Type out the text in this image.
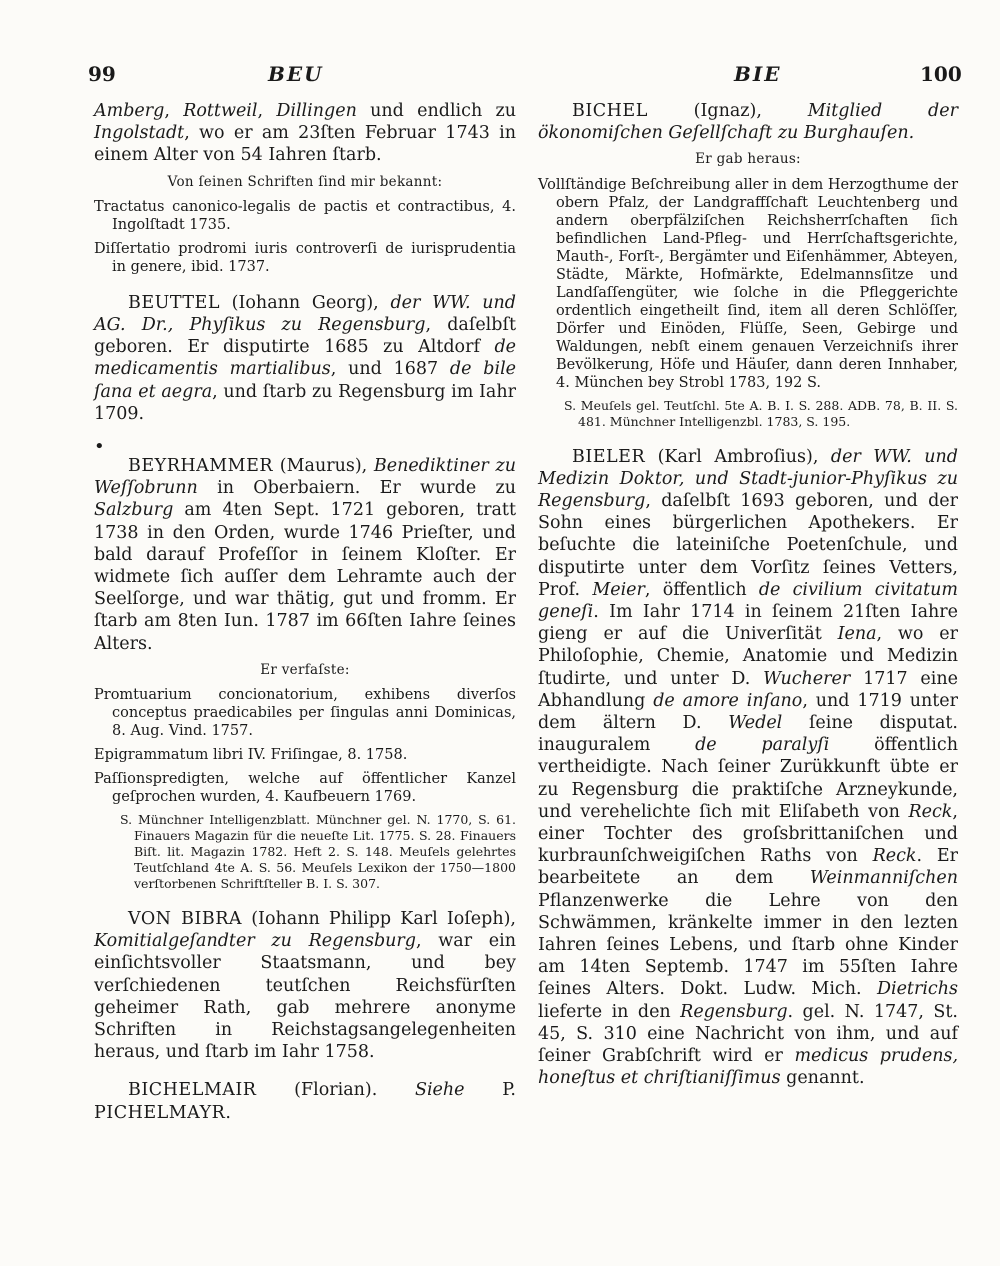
99	BEU	BIE	100

Amberg, Rottweil, Dillingen und endlich zu Ingolstadt, wo er am 23ſten Februar 1743 in einem Alter von 54 Iahren ſtarb.

Von ſeinen Schriften ſind mir bekannt:
Tractatus canonico-legalis de pactis et contractibus, 4. Ingolſtadt 1735.
Diſſertatio prodromi iuris controverſi de iurisprudentia in genere, ibid. 1737.

BEUTTEL (Iohann Georg), der WW. und AG. Dr., Phyſikus zu Regensburg, daſelbſt geboren. Er disputirte 1685 zu Altdorf de medicamentis martialibus, und 1687 de bile ſana et aegra, und ſtarb zu Regensburg im Iahr 1709.

•

BEYRHAMMER (Maurus), Benediktiner zu Weſſobrunn in Oberbaiern. Er wurde zu Salzburg am 4ten Sept. 1721 geboren, tratt 1738 in den Orden, wurde 1746 Prieſter, und bald darauf Profeſſor in ſeinem Kloſter. Er widmete ſich auſſer dem Lehramte auch der Seelſorge, und war thätig, gut und fromm. Er ſtarb am 8ten Iun. 1787 im 66ſten Iahre ſeines Alters.

Er verfaſste:
Promtuarium concionatorium, exhibens diverſos conceptus praedicabiles per ſingulas anni Dominicas, 8. Aug. Vind. 1757.
Epigrammatum libri IV. Friſingae, 8. 1758.
Paſſionspredigten, welche auf öffentlicher Kanzel geſprochen wurden, 4. Kaufbeuern 1769.
S. Münchner Intelligenzblatt. Münchner gel. N. 1770, S. 61. Finauers Magazin für die neueſte Lit. 1775. S. 28. Finauers Biſt. lit. Magazin 1782. Heft 2. S. 148. Meuſels gelehrtes Teutſchland 4te A. S. 56. Meuſels Lexikon der 1750—1800 verſtorbenen Schriftſteller B. I. S. 307.

VON BIBRA (Iohann Philipp Karl Ioſeph), Komitialgeſandter zu Regensburg, war ein einſichtsvoller Staatsmann, und bey verſchiedenen teutſchen Reichsfürſten geheimer Rath, gab mehrere anonyme Schriften in Reichstagsangelegenheiten heraus, und ſtarb im Iahr 1758.

BICHELMAIR (Florian). Siehe P. PICHELMAYR.

BICHEL (Ignaz), Mitglied der ökonomiſchen Geſellſchaft zu Burghauſen.

Er gab heraus:
Vollſtändige Beſchreibung aller in dem Herzogthume der obern Pfalz, der Landgraffſchaft Leuchtenberg und andern oberpfälziſchen Reichsherrſchaften ſich befindlichen Land-Pfleg- und Herrſchaftsgerichte, Mauth-, Forſt-, Bergämter und Eiſenhämmer, Abteyen, Städte, Märkte, Hofmärkte, Edelmannsſitze und Landſaſſengüter, wie ſolche in die Pfleggerichte ordentlich eingetheilt ſind, item all deren Schlöſſer, Dörfer und Einöden, Flüſſe, Seen, Gebirge und Waldungen, nebſt einem genauen Verzeichniſs ihrer Bevölkerung, Höfe und Häuſer, dann deren Innhaber, 4. München bey Strobl 1783, 192 S.
S. Meuſels gel. Teutſchl. 5te A. B. I. S. 288. ADB. 78, B. II. S. 481. Münchner Intelligenzbl. 1783, S. 195.

BIELER (Karl Ambroſius), der WW. und Medizin Doktor, und Stadt-junior-Phyſikus zu Regensburg, daſelbſt 1693 geboren, und der Sohn eines bürgerlichen Apothekers. Er beſuchte die lateiniſche Poetenſchule, und disputirte unter dem Vorſitz ſeines Vetters, Prof. Meier, öffentlich de civilium civitatum geneſi. Im Iahr 1714 in ſeinem 21ſten Iahre gieng er auf die Univerſität Iena, wo er Philoſophie, Chemie, Anatomie und Medizin ſtudirte, und unter D. Wucherer 1717 eine Abhandlung de amore inſano, und 1719 unter dem ältern D. Wedel ſeine disputat. inauguralem de paralyſi öffentlich vertheidigte. Nach ſeiner Zurükkunft übte er zu Regensburg die praktiſche Arzneykunde, und verehelichte ſich mit Eliſabeth von Reck, einer Tochter des groſsbrittaniſchen und kurbraunſchweigiſchen Raths von Reck. Er bearbeitete an dem Weinmanniſchen Pflanzenwerke die Lehre von den Schwämmen, kränkelte immer in den lezten Iahren ſeines Lebens, und ſtarb ohne Kinder am 14ten Septemb. 1747 im 55ſten Iahre ſeines Alters. Dokt. Ludw. Mich. Dietrichs lieferte in den Regensburg. gel. N. 1747, St. 45, S. 310 eine Nachricht von ihm, und auf ſeiner Grabſchrift wird er medicus prudens, honeſtus et chriſtianiſſimus genannt.
